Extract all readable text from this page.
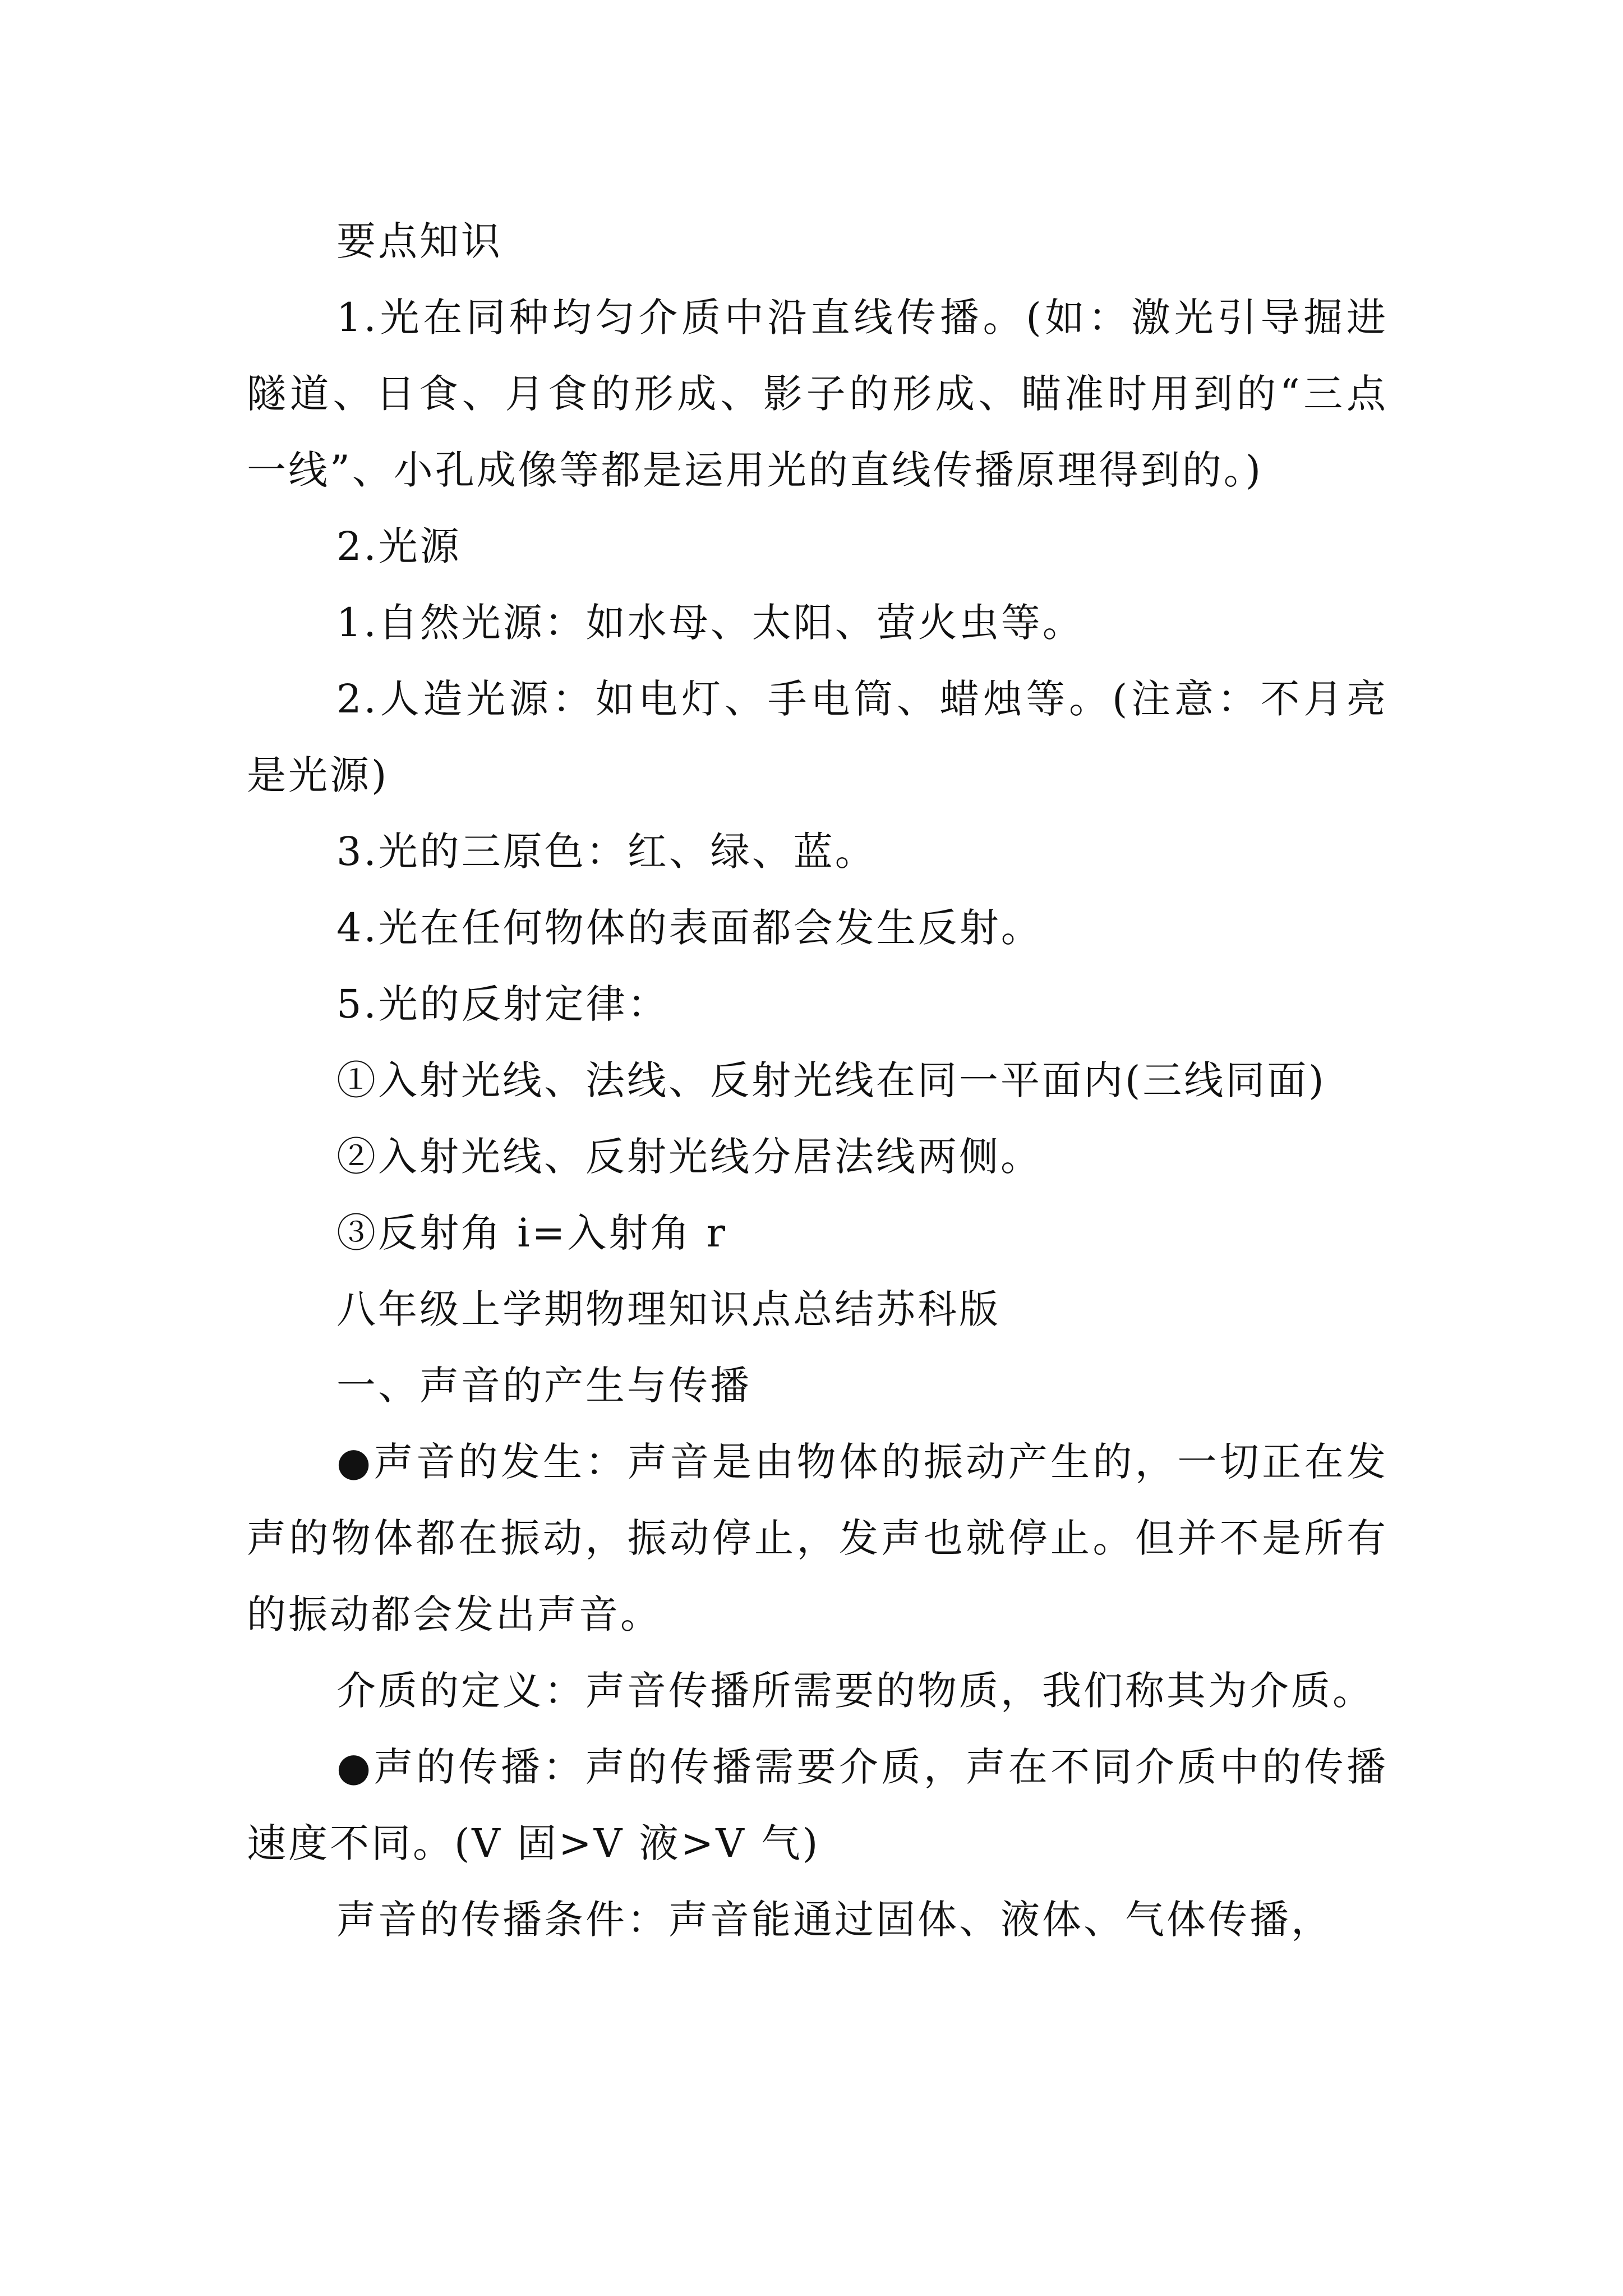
要点知识

1.光在同种均匀介质中沿直线传播。(如：激光引导掘进隧道、日食、月食的形成、影子的形成、瞄准时用到的“三点一线”、小孔成像等都是运用光的直线传播原理得到的。)

2.光源

1.自然光源：如水母、太阳、萤火虫等。

2.人造光源：如电灯、手电筒、蜡烛等。(注意：不月亮是光源)

3.光的三原色：红、绿、蓝。

4.光在任何物体的表面都会发生反射。

5.光的反射定律：

①入射光线、法线、反射光线在同一平面内(三线同面)

②入射光线、反射光线分居法线两侧。

③反射角 i=入射角 r

八年级上学期物理知识点总结苏科版

一、声音的产生与传播

●声音的发生：声音是由物体的振动产生的，一切正在发声的物体都在振动，振动停止，发声也就停止。但并不是所有的振动都会发出声音。

介质的定义：声音传播所需要的物质，我们称其为介质。

●声的传播：声的传播需要介质，声在不同介质中的传播速度不同。(V 固>V 液>V 气)

声音的传播条件：声音能通过固体、液体、气体传播，
